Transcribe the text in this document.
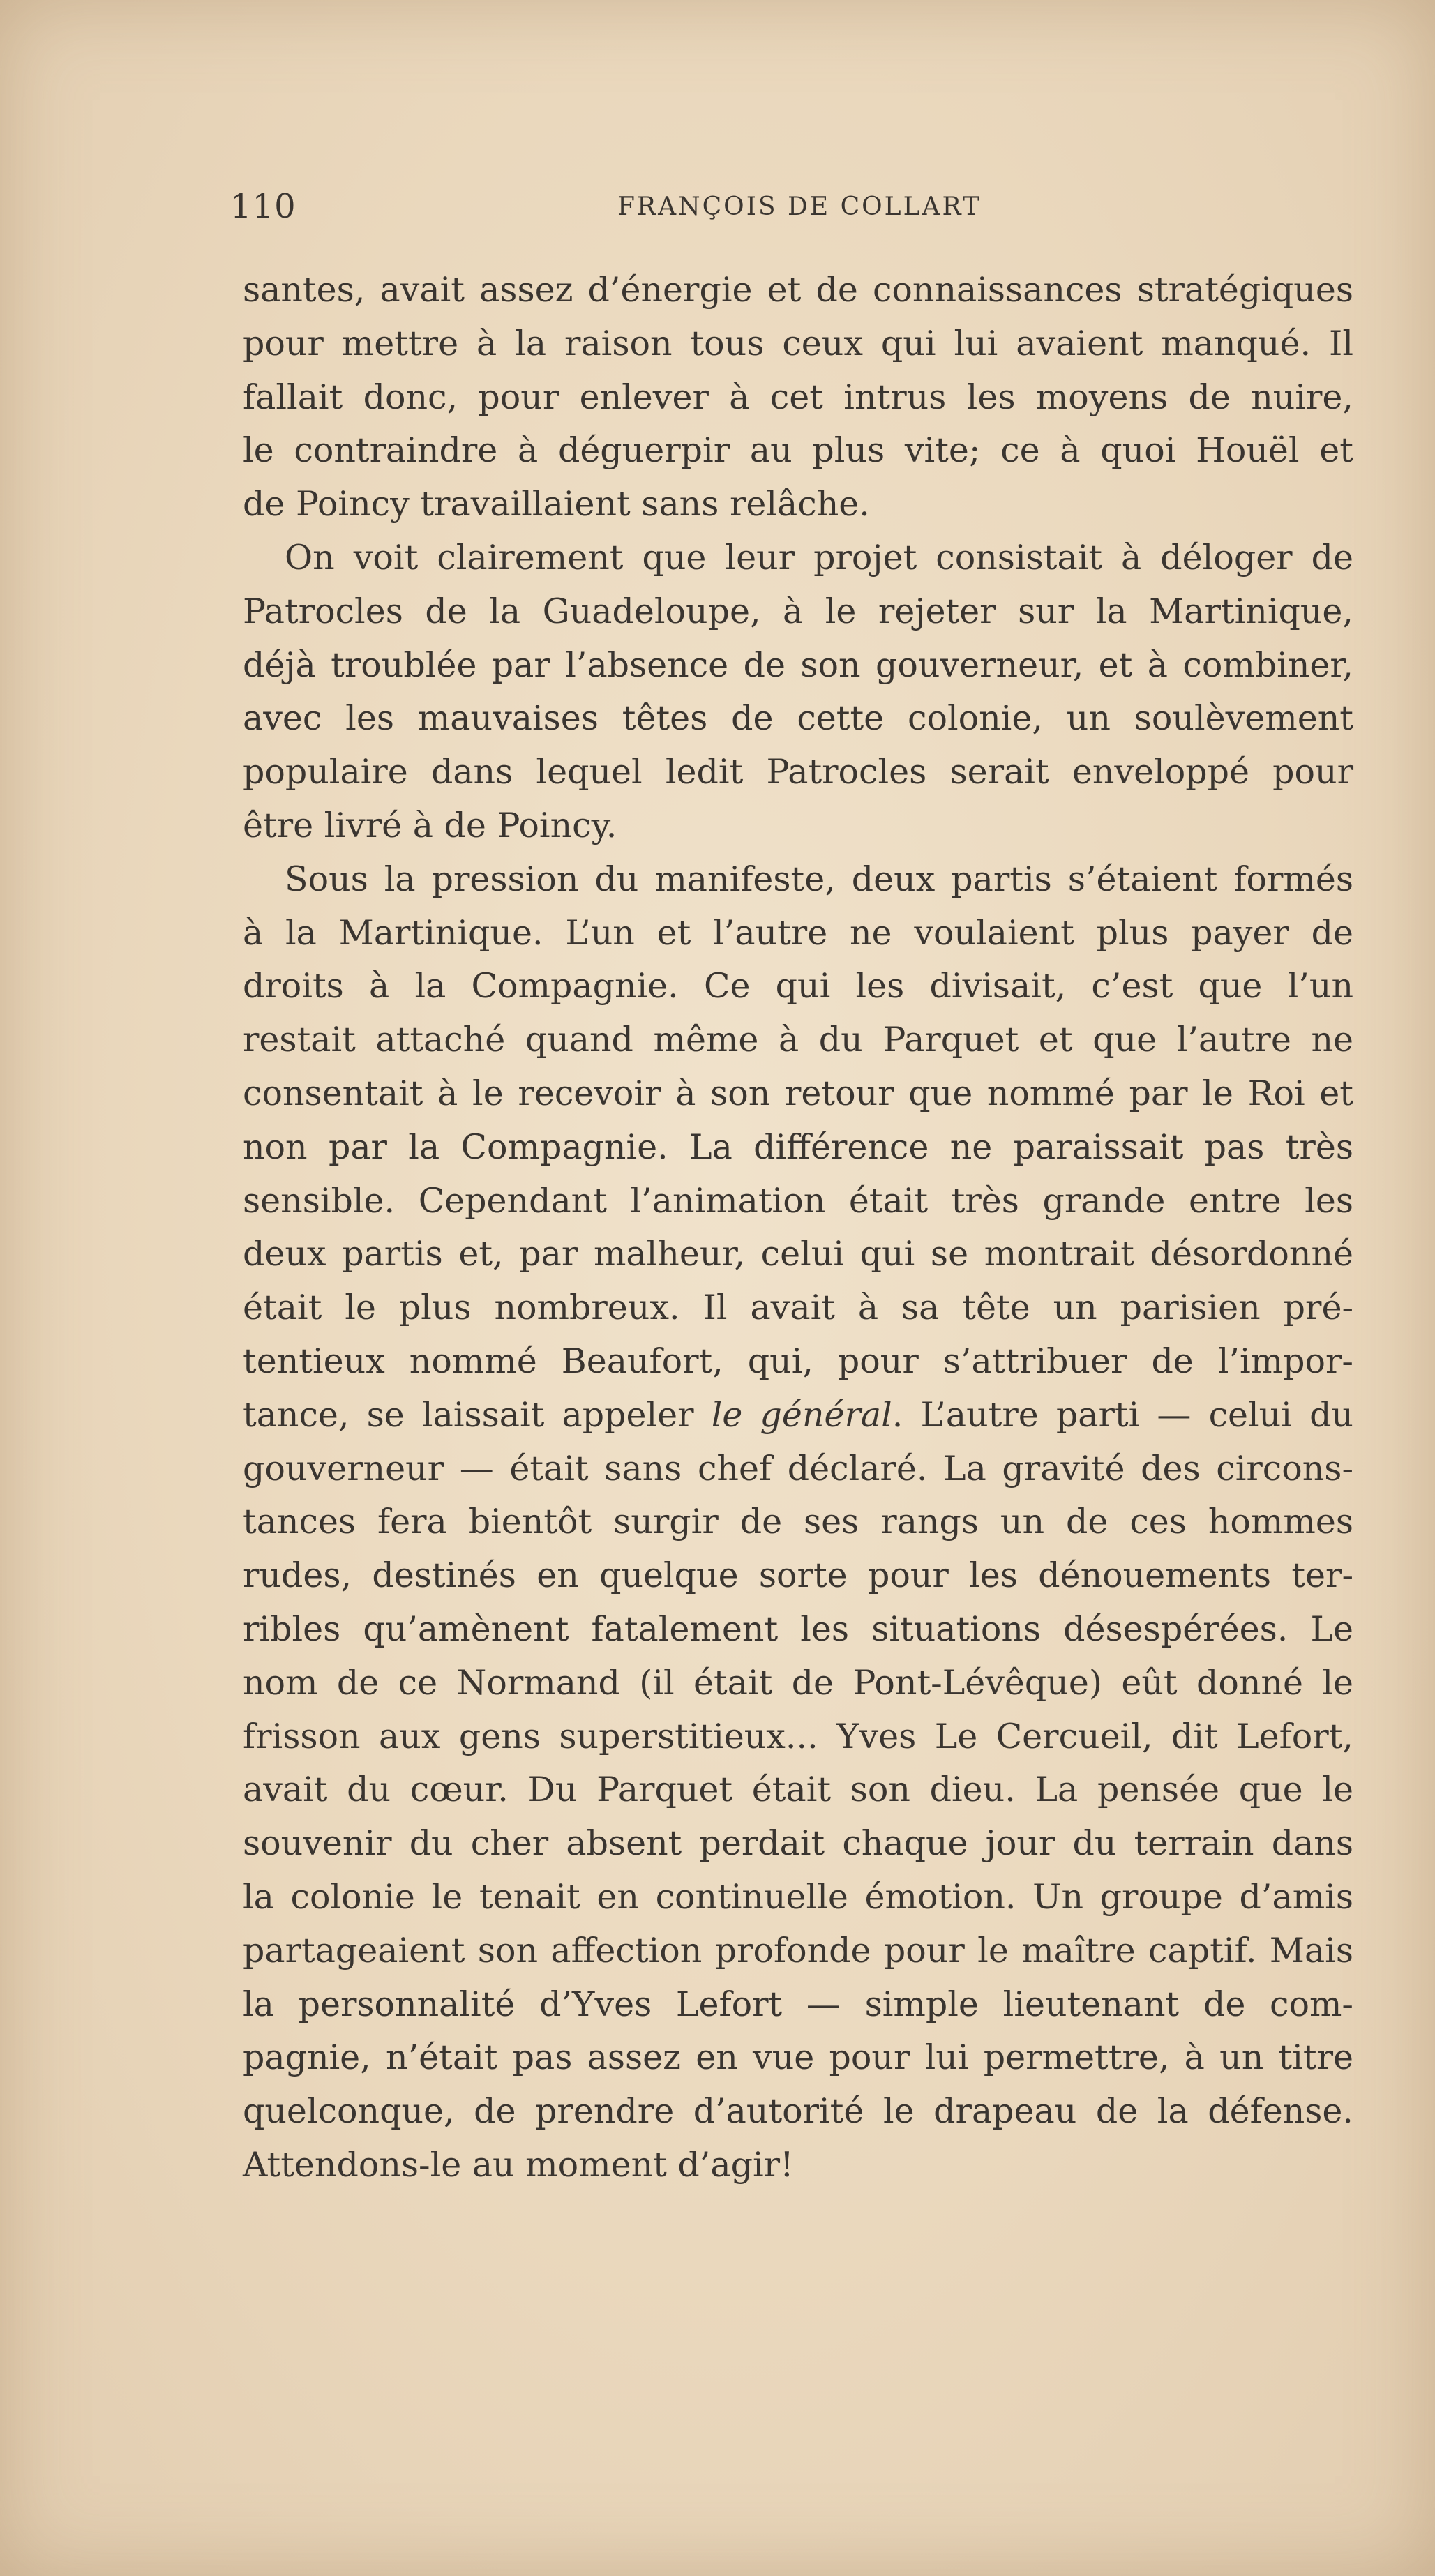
110	FRANÇOIS DE COLLART
santes, avait assez d’énergie et de connaissances stratégiques
pour mettre à la raison tous ceux qui lui avaient manqué. Il
fallait donc, pour enlever à cet intrus les moyens de nuire,
le contraindre à déguerpir au plus vite; ce à quoi Houël et
de Poincy travaillaient sans relâche.
On voit clairement que leur projet consistait à déloger de
Patrocles de la Guadeloupe, à le rejeter sur la Martinique,
déjà troublée par l’absence de son gouverneur, et à combiner,
avec les mauvaises têtes de cette colonie, un soulèvement
populaire dans lequel ledit Patrocles serait enveloppé pour
être livré à de Poincy.
Sous la pression du manifeste, deux partis s’étaient formés
à la Martinique. L’un et l’autre ne voulaient plus payer de
droits à la Compagnie. Ce qui les divisait, c’est que l’un
restait attaché quand même à du Parquet et que l’autre ne
consentait à le recevoir à son retour que nommé par le Roi et
non par la Compagnie. La différence ne paraissait pas très
sensible. Cependant l’animation était très grande entre les
deux partis et, par malheur, celui qui se montrait désordonné
était le plus nombreux. Il avait à sa tête un parisien pré-
tentieux nommé Beaufort, qui, pour s’attribuer de l’impor-
tance, se laissait appeler le général. L’autre parti — celui du
gouverneur — était sans chef déclaré. La gravité des circons-
tances fera bientôt surgir de ses rangs un de ces hommes
rudes, destinés en quelque sorte pour les dénouements ter-
ribles qu’amènent fatalement les situations désespérées. Le
nom de ce Normand (il était de Pont-Lévêque) eût donné le
frisson aux gens superstitieux... Yves Le Cercueil, dit Lefort,
avait du cœur. Du Parquet était son dieu. La pensée que le
souvenir du cher absent perdait chaque jour du terrain dans
la colonie le tenait en continuelle émotion. Un groupe d’amis
partageaient son affection profonde pour le maître captif. Mais
la personnalité d’Yves Lefort — simple lieutenant de com-
pagnie, n’était pas assez en vue pour lui permettre, à un titre
quelconque, de prendre d’autorité le drapeau de la défense.
Attendons-le au moment d’agir!
